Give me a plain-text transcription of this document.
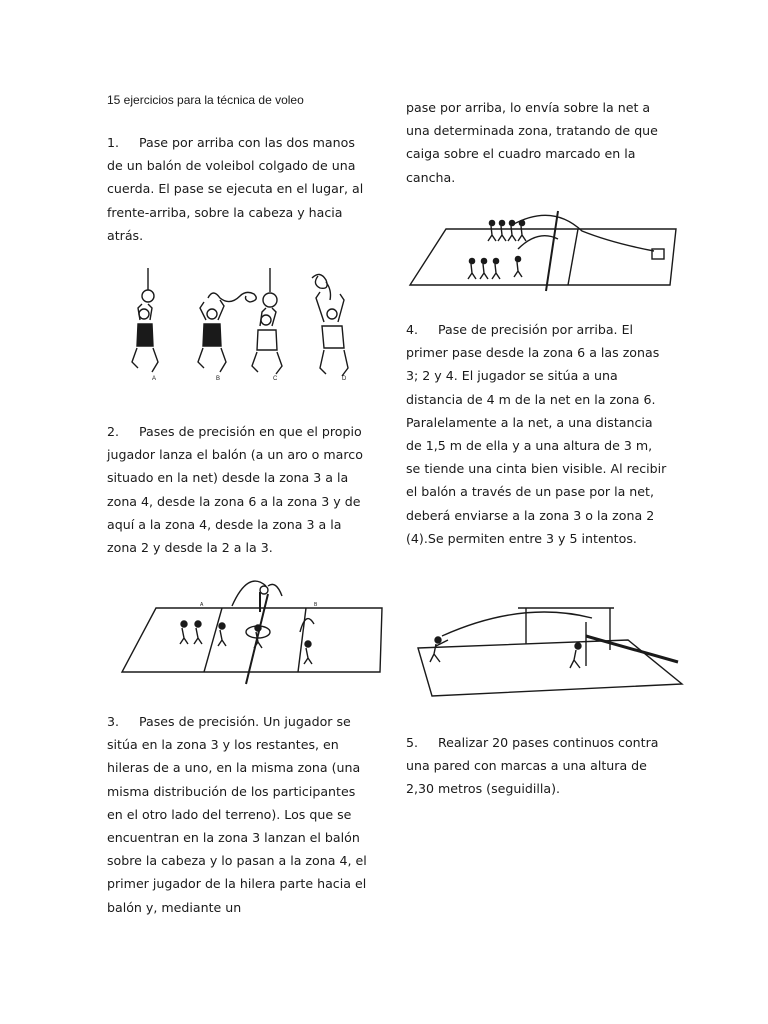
15 ejercicios para la técnica de voleo

1. Pase por arriba con las dos manos de un balón de voleibol colgado de una cuerda. El pase se ejecuta en el lugar, al frente-arriba, sobre la cabeza y hacia atrás.

A	B	C	D

2. Pases de precisión en que el propio jugador lanza el balón (a un aro o marco situado en la net) desde la zona 3 a la zona 4, desde la zona 6 a la zona 3 y de aquí a la zona 4, desde la zona 3 a la zona 2 y desde la 2 a la 3.

A	B

3. Pases de precisión. Un jugador se sitúa en la zona 3 y los restantes, en hileras de a uno, en la misma zona (una misma distribución de los participantes en el otro lado del terreno). Los que se encuentran en la zona 3 lanzan el balón sobre la cabeza y lo pasan a la zona 4, el primer jugador de la hilera parte hacia el balón y, mediante un

pase por arriba, lo envía sobre la net a una determinada zona, tratando de que caiga sobre el cuadro marcado en la cancha.

4. Pase de precisión por arriba. El primer pase desde la zona 6 a las zonas 3; 2 y 4. El jugador se sitúa a una distancia de 4 m de la net en la zona 6. Paralelamente a la net, a una distancia de 1,5 m de ella y a una altura de 3 m, se tiende una cinta bien visible. Al recibir el balón a través de un pase por la net, deberá enviarse a la zona 3 o la zona 2 (4).Se permiten entre 3 y 5 intentos.

5. Realizar 20 pases continuos contra una pared con marcas a una altura de 2,30 metros (seguidilla).
